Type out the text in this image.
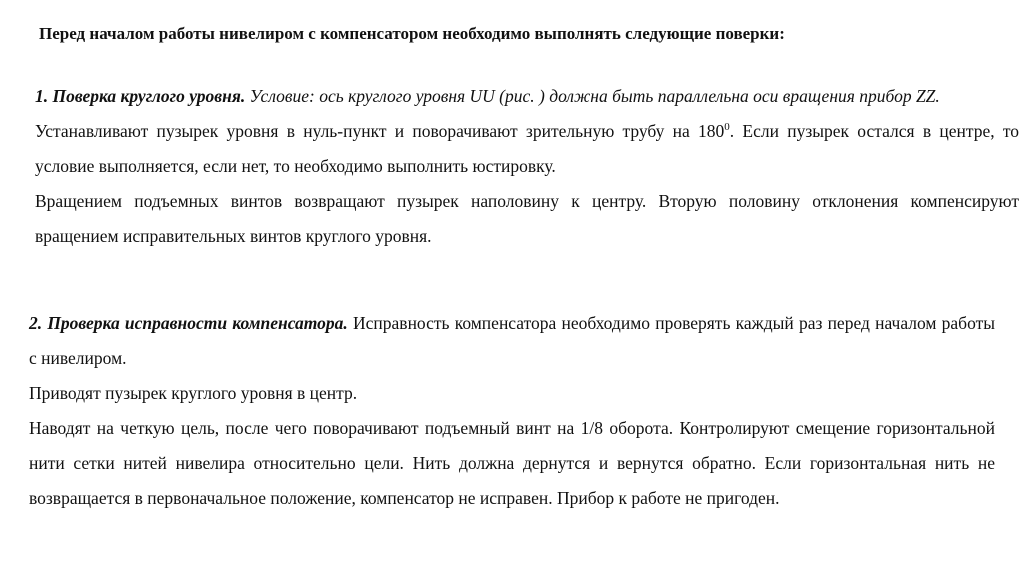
Перед началом работы нивелиром с компенсатором необходимо выполнять следующие поверки:

1. Поверка круглого уровня. Условие: ось круглого уровня UU (рис. ) должна быть параллельна оси вращения прибор ZZ.

Устанавливают пузырек уровня в нуль-пункт и поворачивают зрительную трубу на $180^0$. Если пузырек остался в центре, то условие выполняется, если нет, то необходимо выполнить юстировку.

Вращением подъемных винтов возвращают пузырек наполовину к центру. Вторую половину отклонения компенсируют вращением исправительных винтов круглого уровня.

2. Проверка исправности компенсатора. Исправность компенсатора необходимо проверять каждый раз перед началом работы с нивелиром.

Приводят пузырек круглого уровня в центр.

Наводят на четкую цель, после чего поворачивают подъемный винт на 1/8 оборота. Контролируют смещение горизонтальной нити сетки нитей нивелира относительно цели. Нить должна дернутся и вернутся обратно. Если горизонтальная нить не возвращается в первоначальное положение, компенсатор не исправен. Прибор к работе не пригоден.
